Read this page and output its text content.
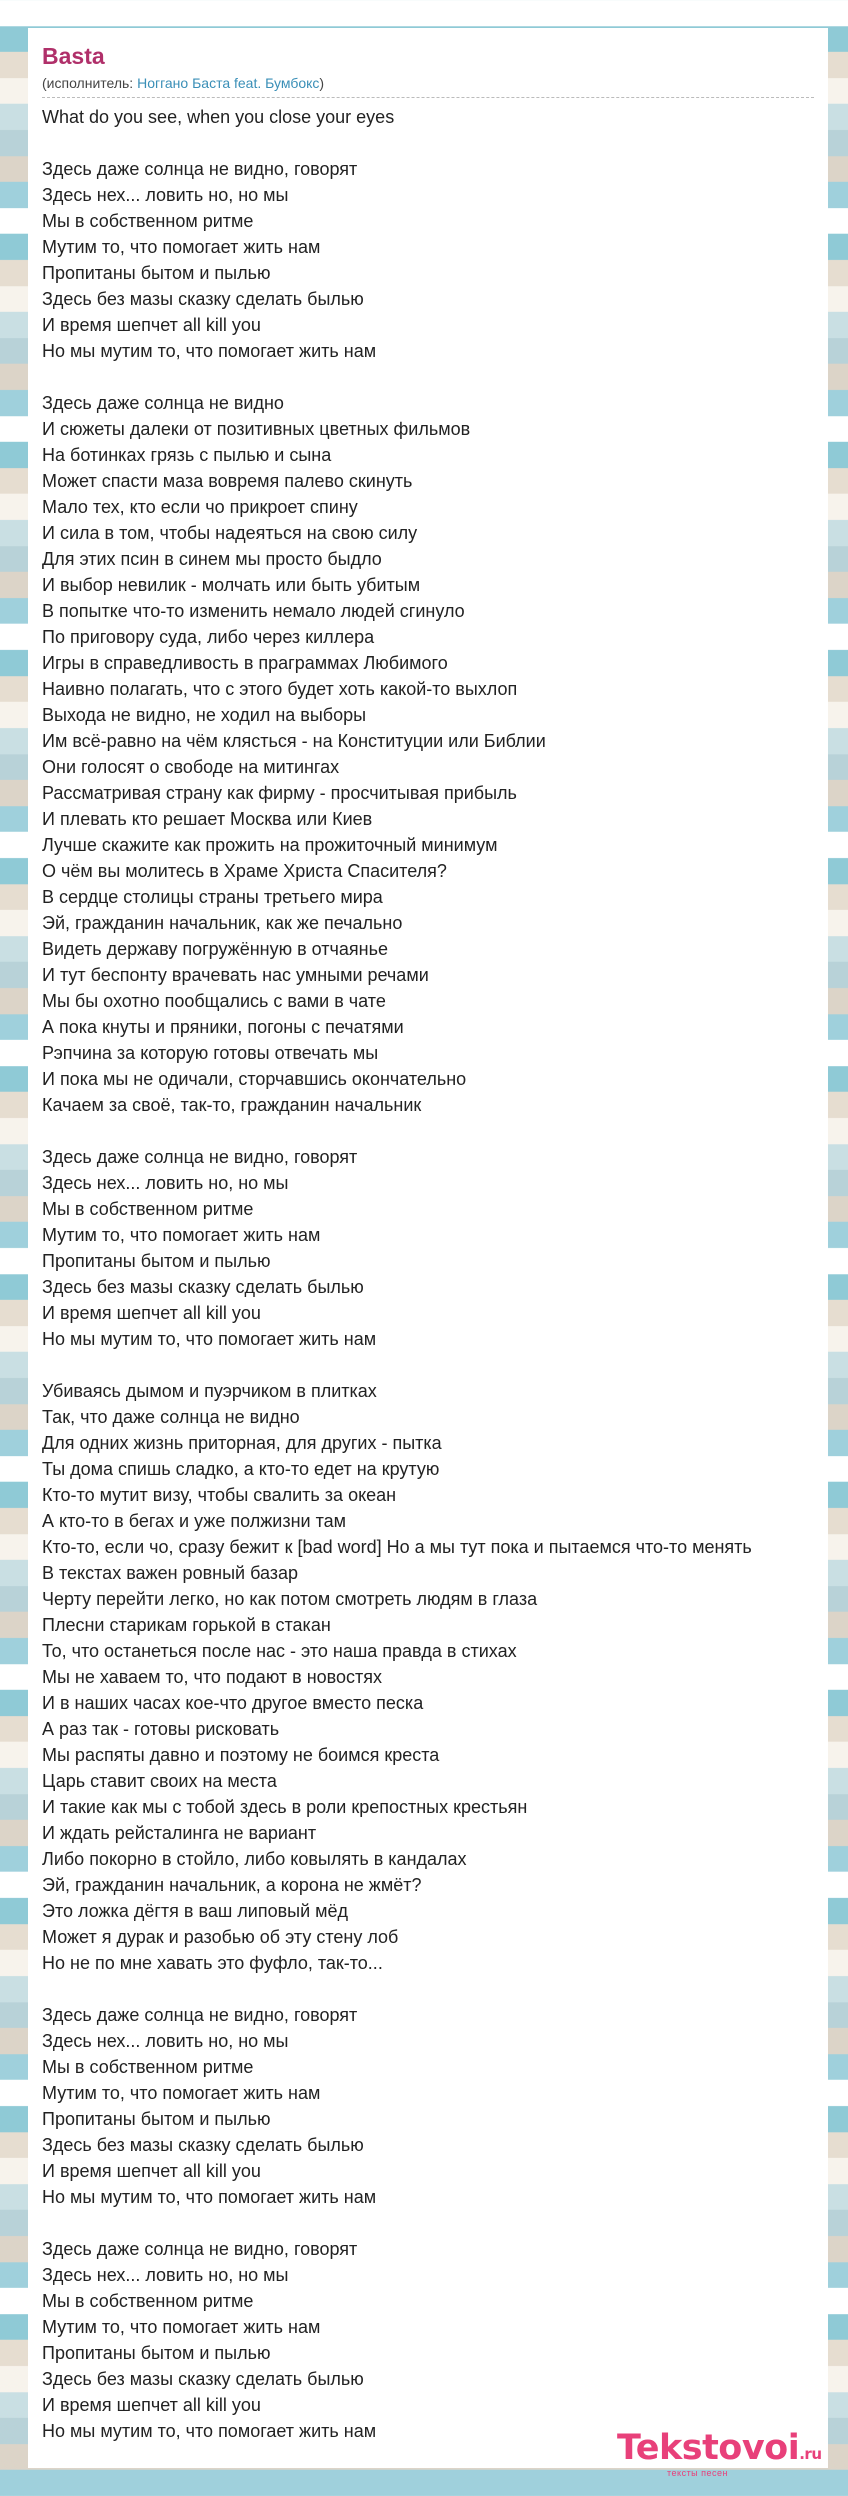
Basta
(исполнитель: Ноггано Баста feat. Бумбокс)
What do you see, when you close your eyes
Здесь даже солнца не видно, говорят
Здесь нех... ловить но, но мы
Мы в собственном ритме
Мутим то, что помогает жить нам
Пропитаны бытом и пылью
Здесь без мазы сказку сделать былью
И время шепчет all kill you
Но мы мутим то, что помогает жить нам
Здесь даже солнца не видно
И сюжеты далеки от позитивных цветных фильмов
На ботинках грязь с пылью и сына
Может спасти маза вовремя палево скинуть
Мало тех, кто если чо прикроет спину
И сила в том, чтобы надеяться на свою силу
Для этих псин в синем мы просто быдло
И выбор невилик - молчать или быть убитым
В попытке что-то изменить немало людей сгинуло
По приговору суда, либо через киллера
Игры в справедливость в праграммах Любимого
Наивно полагать, что с этого будет хоть какой-то выхлоп
Выхода не видно, не ходил на выборы
Им всё-равно на чём клясться - на Конституции или Библии
Они голосят о свободе на митингах
Рассматривая страну как фирму - просчитывая прибыль
И плевать кто решает Москва или Киев
Лучше скажите как прожить на прожиточный минимум
О чём вы молитесь в Храме Христа Спасителя?
В сердце столицы страны третьего мира
Эй, гражданин начальник, как же печально
Видеть державу погружённую в отчаянье
И тут беспонту врачевать нас умными речами
Мы бы охотно пообщались с вами в чате
А пока кнуты и пряники, погоны с печатями
Рэпчина за которую готовы отвечать мы
И пока мы не одичали, сторчавшись окончательно
Качаем за своё, так-то, гражданин начальник
Здесь даже солнца не видно, говорят
Здесь нех... ловить но, но мы
Мы в собственном ритме
Мутим то, что помогает жить нам
Пропитаны бытом и пылью
Здесь без мазы сказку сделать былью
И время шепчет all kill you
Но мы мутим то, что помогает жить нам
Убиваясь дымом и пуэрчиком в плитках
Так, что даже солнца не видно
Для одних жизнь приторная, для других - пытка
Ты дома спишь сладко, а кто-то едет на крутую
Кто-то мутит визу, чтобы свалить за океан
А кто-то в бегах и уже полжизни там
Кто-то, если чо, сразу бежит к [bad word] Но а мы тут пока и пытаемся что-то менять
В текстах важен ровный базар
Черту перейти легко, но как потом смотреть людям в глаза
Плесни старикам горькой в стакан
То, что останеться после нас - это наша правда в стихах
Мы не хаваем то, что подают в новостях
И в наших часах кое-что другое вместо песка
А раз так - готовы рисковать
Мы распяты давно и поэтому не боимся креста
Царь ставит своих на места
И такие как мы с тобой здесь в роли крепостных крестьян
И ждать рейсталинга не вариант
Либо покорно в стойло, либо ковылять в кандалах
Эй, гражданин начальник, а корона не жмёт?
Это ложка дёгтя в ваш липовый мёд
Может я дурак и разобью об эту стену лоб
Но не по мне хавать это фуфло, так-то...
Здесь даже солнца не видно, говорят
Здесь нех... ловить но, но мы
Мы в собственном ритме
Мутим то, что помогает жить нам
Пропитаны бытом и пылью
Здесь без мазы сказку сделать былью
И время шепчет all kill you
Но мы мутим то, что помогает жить нам
Здесь даже солнца не видно, говорят
Здесь нех... ловить но, но мы
Мы в собственном ритме
Мутим то, что помогает жить нам
Пропитаны бытом и пылью
Здесь без мазы сказку сделать былью
И время шепчет all kill you
Но мы мутим то, что помогает жить нам	Tekstovoi.ru
тексты песен
